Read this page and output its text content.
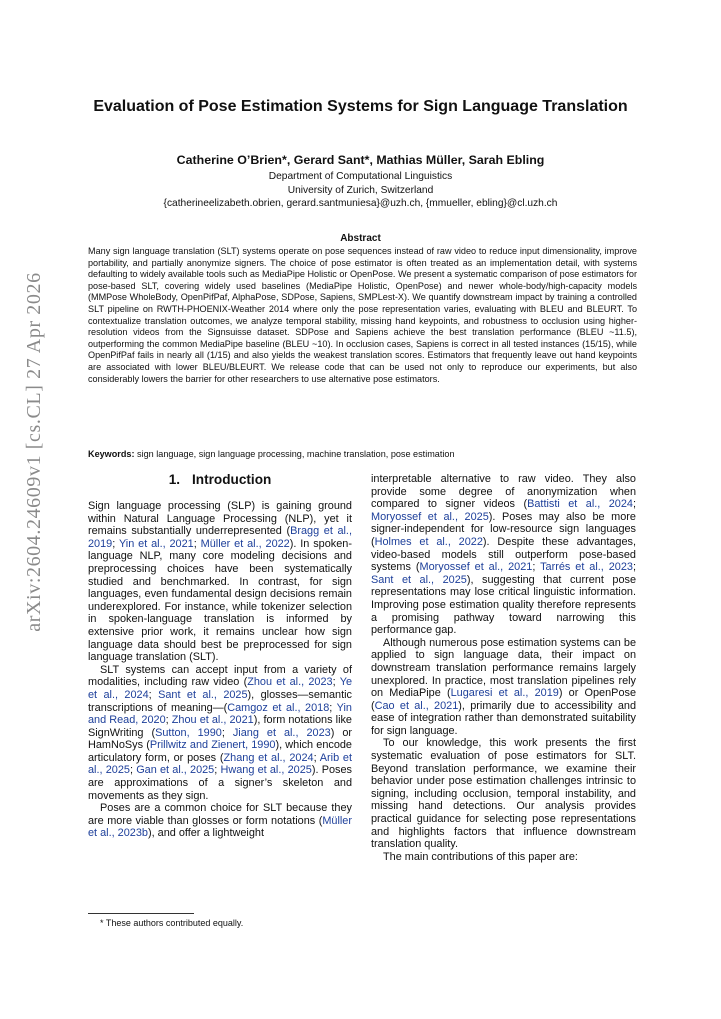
arXiv:2604.24609v1 [cs.CL] 27 Apr 2026
Evaluation of Pose Estimation Systems for Sign Language Translation
Catherine O’Brien*, Gerard Sant*, Mathias Müller, Sarah Ebling
Department of Computational Linguistics
University of Zurich, Switzerland
{catherineelizabeth.obrien, gerard.santmuniesa}@uzh.ch, {mmueller, ebling}@cl.uzh.ch
Abstract

Many sign language translation (SLT) systems operate on pose sequences instead of raw video to reduce input dimensionality, improve portability, and partially anonymize signers. The choice of pose estimator is often treated as an implementation detail, with systems defaulting to widely available tools such as MediaPipe Holistic or OpenPose. We present a systematic comparison of pose estimators for pose-based SLT, covering widely used baselines (MediaPipe Holistic, OpenPose) and newer whole-body/high-capacity models (MMPose WholeBody, OpenPifPaf, AlphaPose, SDPose, Sapiens, SMPLest-X). We quantify downstream impact by training a controlled SLT pipeline on RWTH-PHOENIX-Weather 2014 where only the pose representation varies, evaluating with BLEU and BLEURT. To contextualize translation outcomes, we analyze temporal stability, missing hand keypoints, and robustness to occlusion using higher-resolution videos from the Signsuisse dataset. SDPose and Sapiens achieve the best translation performance (BLEU ~11.5), outperforming the common MediaPipe baseline (BLEU ~10). In occlusion cases, Sapiens is correct in all tested instances (15/15), while OpenPifPaf fails in nearly all (1/15) and also yields the weakest translation scores. Estimators that frequently leave out hand keypoints are associated with lower BLEU/BLEURT. We release code that can be used not only to reproduce our experiments, but also considerably lowers the barrier for other researchers to use alternative pose estimators.

Keywords: sign language, sign language processing, machine translation, pose estimation
1. Introduction

Sign language processing (SLP) is gaining ground within Natural Language Processing (NLP), yet it remains substantially underrepresented (Bragg et al., 2019; Yin et al., 2021; Müller et al., 2022). In spoken-language NLP, many core modeling decisions and preprocessing choices have been systematically studied and benchmarked. In contrast, for sign languages, even fundamental design decisions remain underexplored. For instance, while tokenizer selection in spoken-language translation is informed by extensive prior work, it remains unclear how sign language data should best be preprocessed for sign language translation (SLT).

SLT systems can accept input from a variety of modalities, including raw video (Zhou et al., 2023; Ye et al., 2024; Sant et al., 2025), glosses—semantic transcriptions of meaning—(Camgoz et al., 2018; Yin and Read, 2020; Zhou et al., 2021), form notations like SignWriting (Sutton, 1990; Jiang et al., 2023) or HamNoSys (Prillwitz and Zienert, 1990), which encode articulatory form, or poses (Zhang et al., 2024; Arib et al., 2025; Gan et al., 2025; Hwang et al., 2025). Poses are approximations of a signer’s skeleton and movements as they sign.

Poses are a common choice for SLT because they are more viable than glosses or form notations (Müller et al., 2023b), and offer a lightweight

interpretable alternative to raw video. They also provide some degree of anonymization when compared to signer videos (Battisti et al., 2024; Moryossef et al., 2025). Poses may also be more signer-independent for low-resource sign languages (Holmes et al., 2022). Despite these advantages, video-based models still outperform pose-based systems (Moryossef et al., 2021; Tarrés et al., 2023; Sant et al., 2025), suggesting that current pose representations may lose critical linguistic information. Improving pose estimation quality therefore represents a promising pathway toward narrowing this performance gap.

Although numerous pose estimation systems can be applied to sign language data, their impact on downstream translation performance remains largely unexplored. In practice, most translation pipelines rely on MediaPipe (Lugaresi et al., 2019) or OpenPose (Cao et al., 2021), primarily due to accessibility and ease of integration rather than demonstrated suitability for sign language.

To our knowledge, this work presents the first systematic evaluation of pose estimators for SLT. Beyond translation performance, we examine their behavior under pose estimation challenges intrinsic to signing, including occlusion, temporal instability, and missing hand detections. Our analysis provides practical guidance for selecting pose representations and highlights factors that influence downstream translation quality.

The main contributions of this paper are:

* These authors contributed equally.
